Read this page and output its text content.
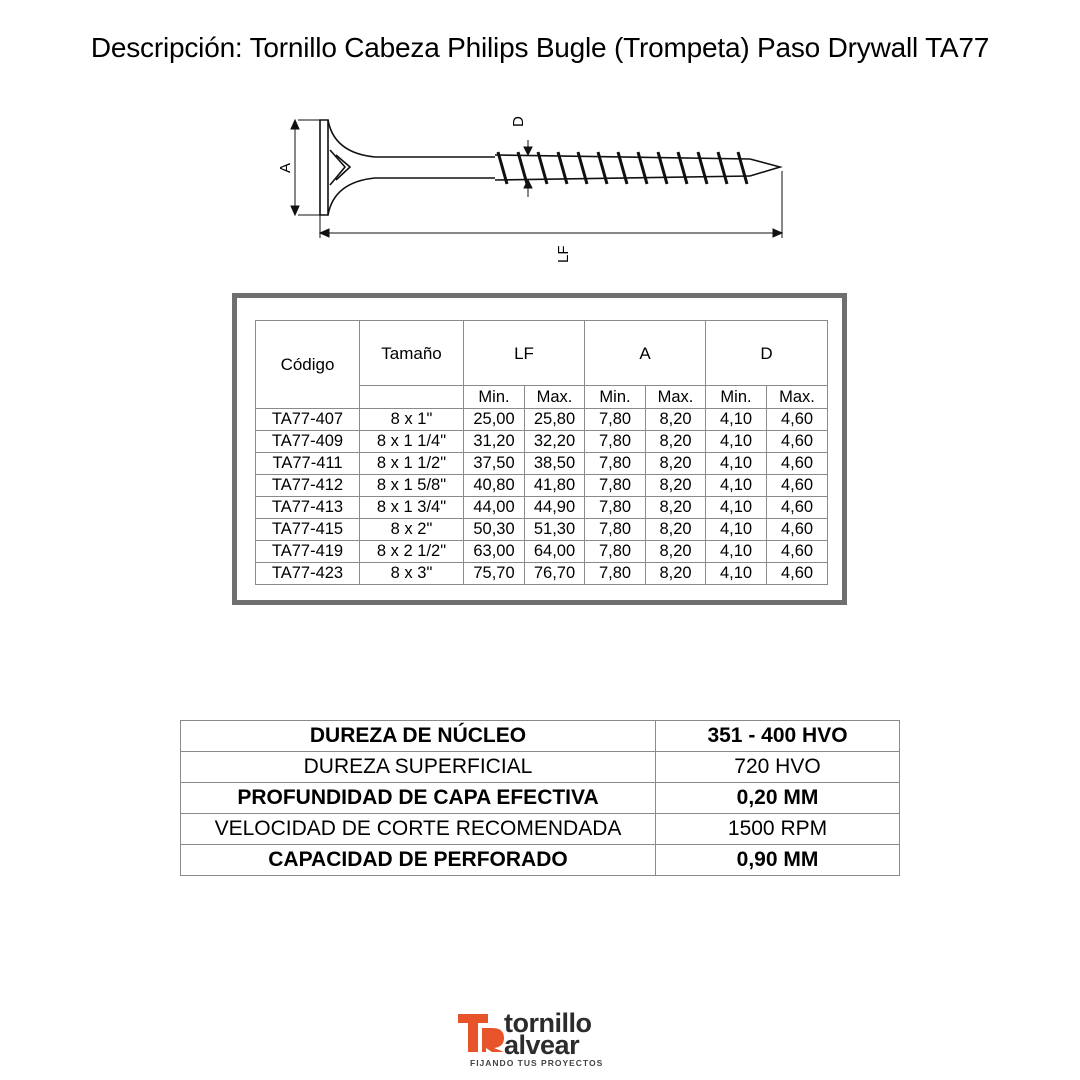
Descripción: Tornillo Cabeza Philips Bugle (Trompeta) Paso Drywall TA77
A
D
LF
Código	Tamaño	LF		A		D	
		Min.	Max.	Min.	Max.	Min.	Max.
TA77-407	8 x 1"	25,00	25,80	7,80	8,20	4,10	4,60
TA77-409	8 x 1 1/4"	31,20	32,20	7,80	8,20	4,10	4,60
TA77-411	8 x 1 1/2"	37,50	38,50	7,80	8,20	4,10	4,60
TA77-412	8 x 1 5/8"	40,80	41,80	7,80	8,20	4,10	4,60
TA77-413	8 x 1 3/4"	44,00	44,90	7,80	8,20	4,10	4,60
TA77-415	8 x 2"	50,30	51,30	7,80	8,20	4,10	4,60
TA77-419	8 x 2 1/2"	63,00	64,00	7,80	8,20	4,10	4,60
TA77-423	8 x 3"	75,70	76,70	7,80	8,20	4,10	4,60
DUREZA DE NÚCLEO	351 - 400 HVO
DUREZA SUPERFICIAL	720 HVO
PROFUNDIDAD DE CAPA EFECTIVA	0,20 MM
VELOCIDAD DE CORTE RECOMENDADA	1500 RPM
CAPACIDAD DE PERFORADO	0,90 MM
tornillo
alvear
FIJANDO TUS PROYECTOS
